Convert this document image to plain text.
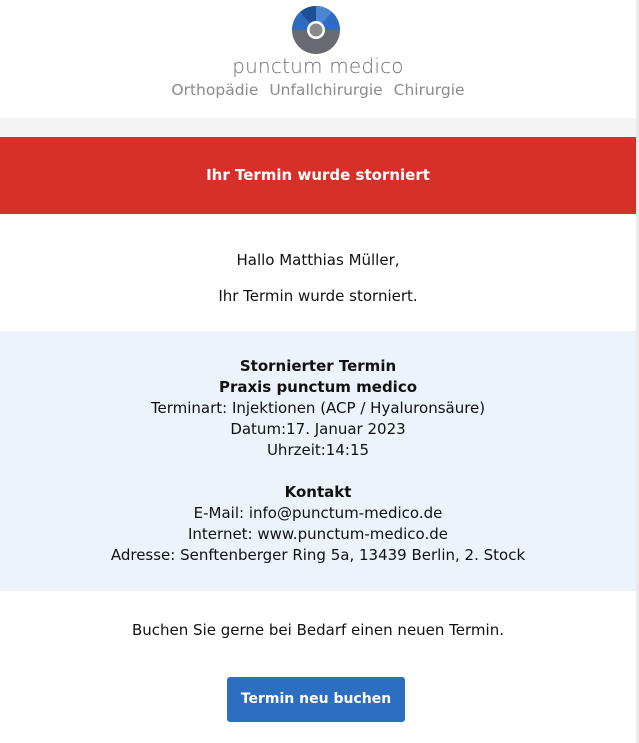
punctum medico
Orthopädie Unfallchirurgie Chirurgie
Ihr Termin wurde storniert
Hallo Matthias Müller,
Ihr Termin wurde storniert.
Stornierter Termin
Praxis punctum medico
Terminart: Injektionen (ACP / Hyaluronsäure)
Datum:17. Januar 2023
Uhrzeit:14:15
Kontakt
E-Mail: info@punctum-medico.de
Internet: www.punctum-medico.de
Adresse: Senftenberger Ring 5a, 13439 Berlin, 2. Stock
Buchen Sie gerne bei Bedarf einen neuen Termin.
Termin neu buchen
